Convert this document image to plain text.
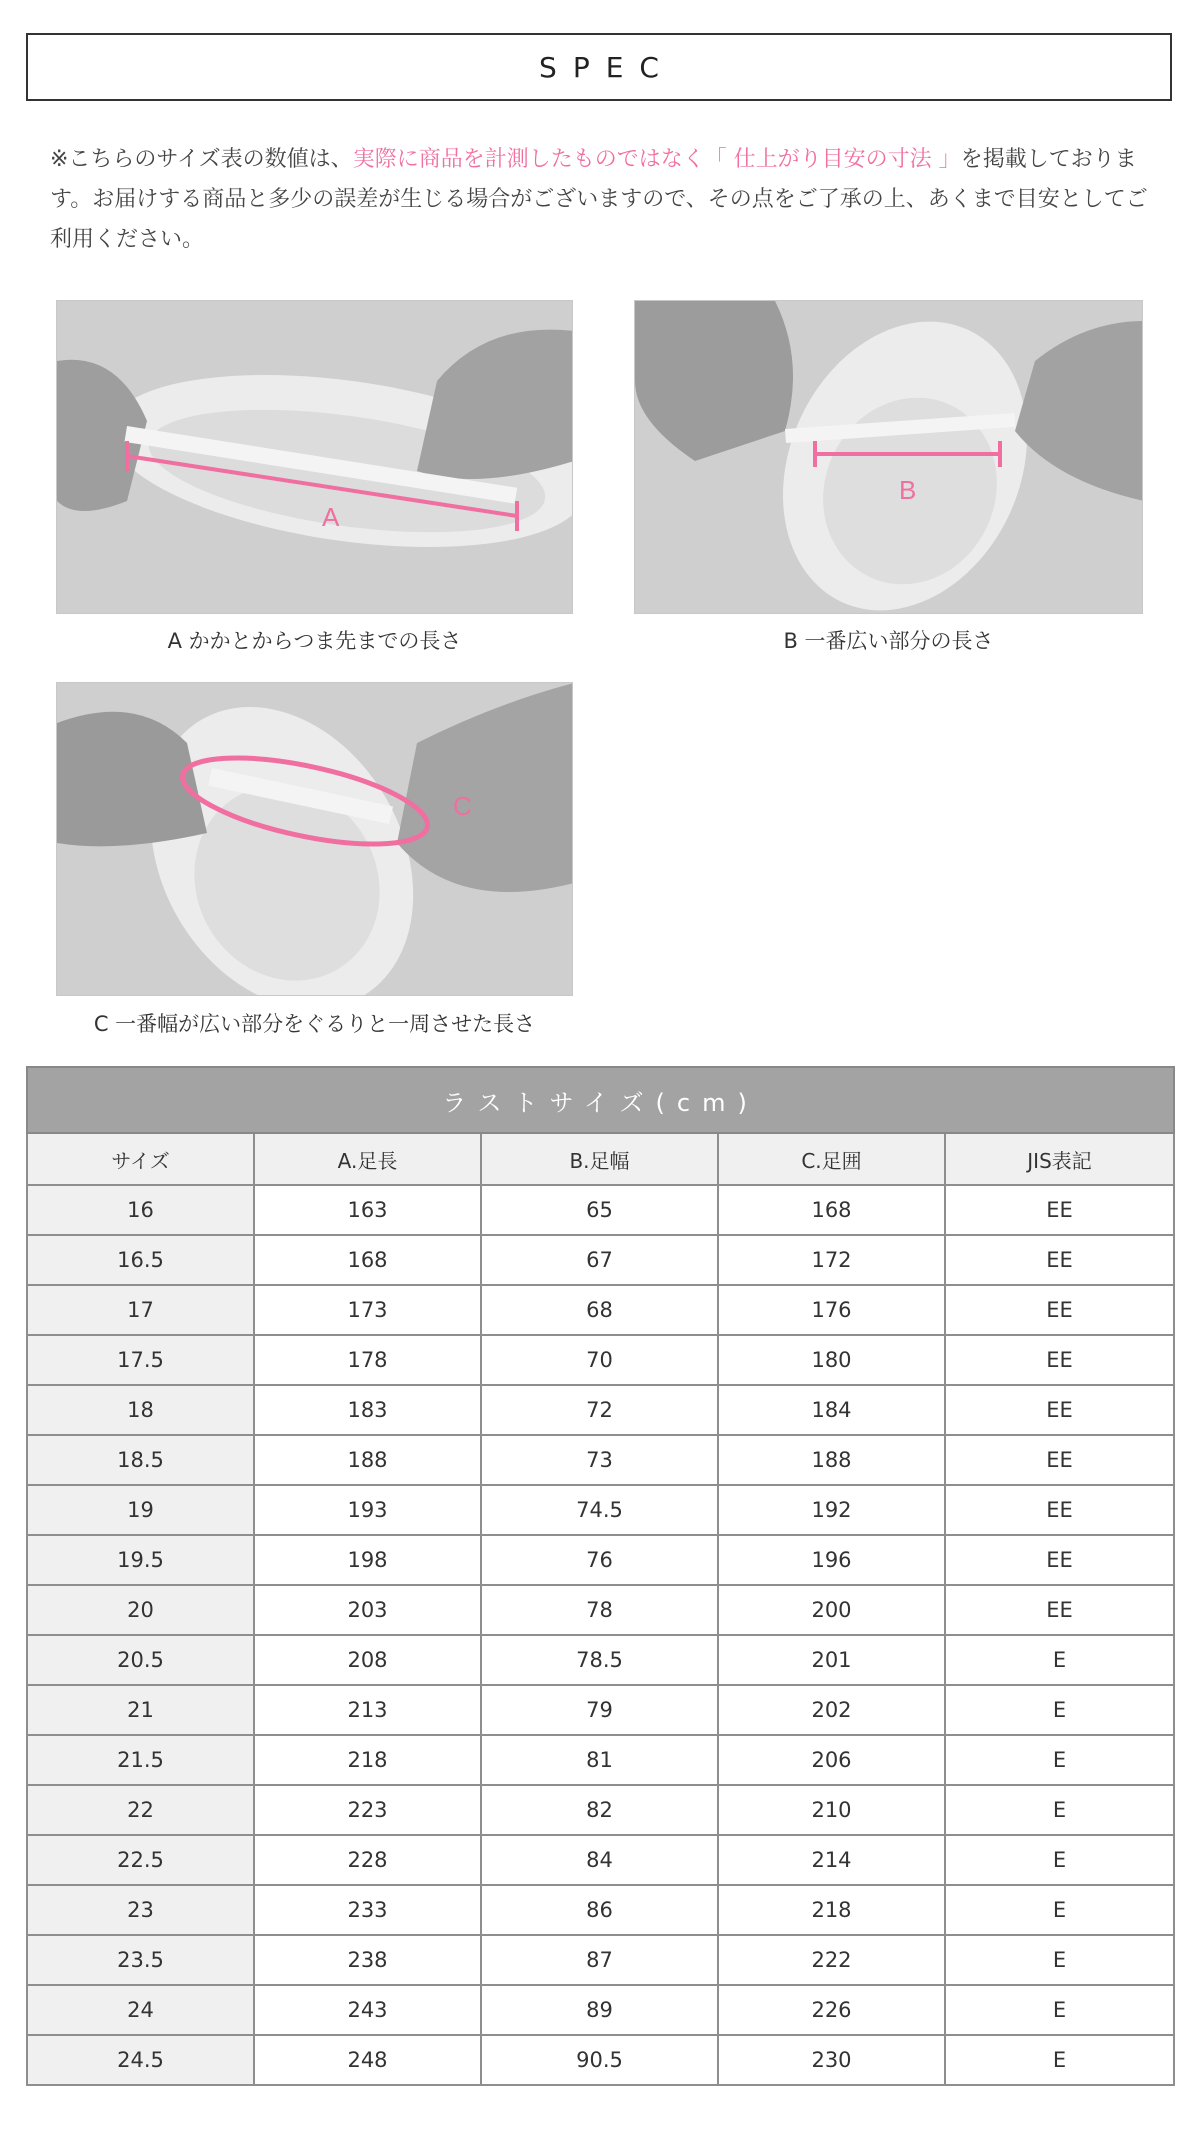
SPEC
※こちらのサイズ表の数値は、実際に商品を計測したものではなく「 仕上がり目安の寸法 」を掲載しております。お届けする商品と多少の誤差が生じる場合がございますので、その点をご了承の上、あくまで目安としてご利用ください。
A
A かかとからつま先までの長さ
B
B 一番広い部分の長さ
C
C 一番幅が広い部分をぐるりと一周させた長さ
ラストサイズ(cm)				
サイズ	A.足長	B.足幅	C.足囲	JIS表記
16	163	65	168	EE
16.5	168	67	172	EE
17	173	68	176	EE
17.5	178	70	180	EE
18	183	72	184	EE
18.5	188	73	188	EE
19	193	74.5	192	EE
19.5	198	76	196	EE
20	203	78	200	EE
20.5	208	78.5	201	E
21	213	79	202	E
21.5	218	81	206	E
22	223	82	210	E
22.5	228	84	214	E
23	233	86	218	E
23.5	238	87	222	E
24	243	89	226	E
24.5	248	90.5	230	E
